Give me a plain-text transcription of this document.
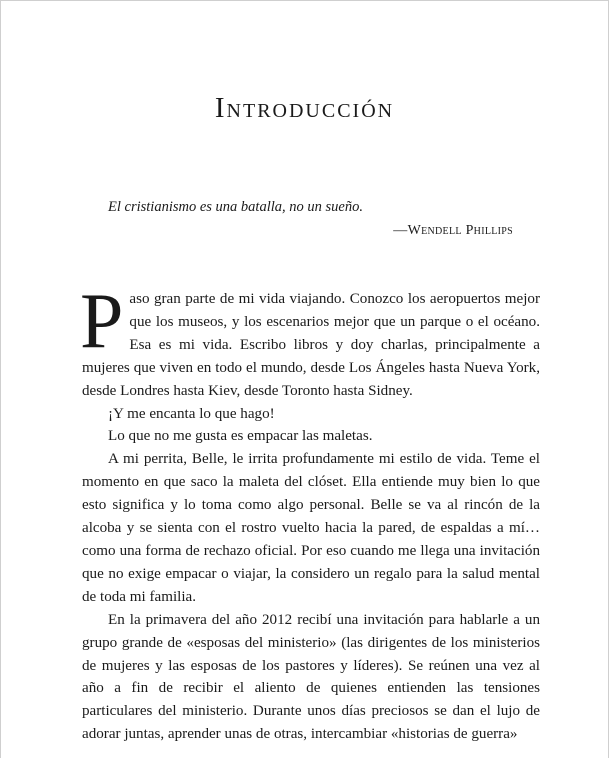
Introducción
El cristianismo es una batalla, no un sueño.
—Wendell Phillips

Paso gran parte de mi vida viajando. Conozco los aeropuertos mejor que los museos, y los escenarios mejor que un parque o el océano. Esa es mi vida. Escribo libros y doy charlas, principalmente a mujeres que viven en todo el mundo, desde Los Ángeles hasta Nueva York, desde Londres hasta Kiev, desde Toronto hasta Sidney.

¡Y me encanta lo que hago!

Lo que no me gusta es empacar las maletas.

A mi perrita, Belle, le irrita profundamente mi estilo de vida. Teme el momento en que saco la maleta del clóset. Ella entiende muy bien lo que esto significa y lo toma como algo personal. Belle se va al rincón de la alcoba y se sienta con el rostro vuelto hacia la pared, de espaldas a mí… como una forma de rechazo oficial. Por eso cuando me llega una invitación que no exige empacar o viajar, la considero un regalo para la salud mental de toda mi familia.

En la primavera del año 2012 recibí una invitación para hablarle a un grupo grande de «esposas del ministerio» (las dirigentes de los ministerios de mujeres y las esposas de los pastores y líderes). Se reúnen una vez al año a fin de recibir el aliento de quienes entienden las tensiones particulares del ministerio. Durante unos días preciosos se dan el lujo de adorar juntas, aprender unas de otras, intercambiar «historias de guerra»
